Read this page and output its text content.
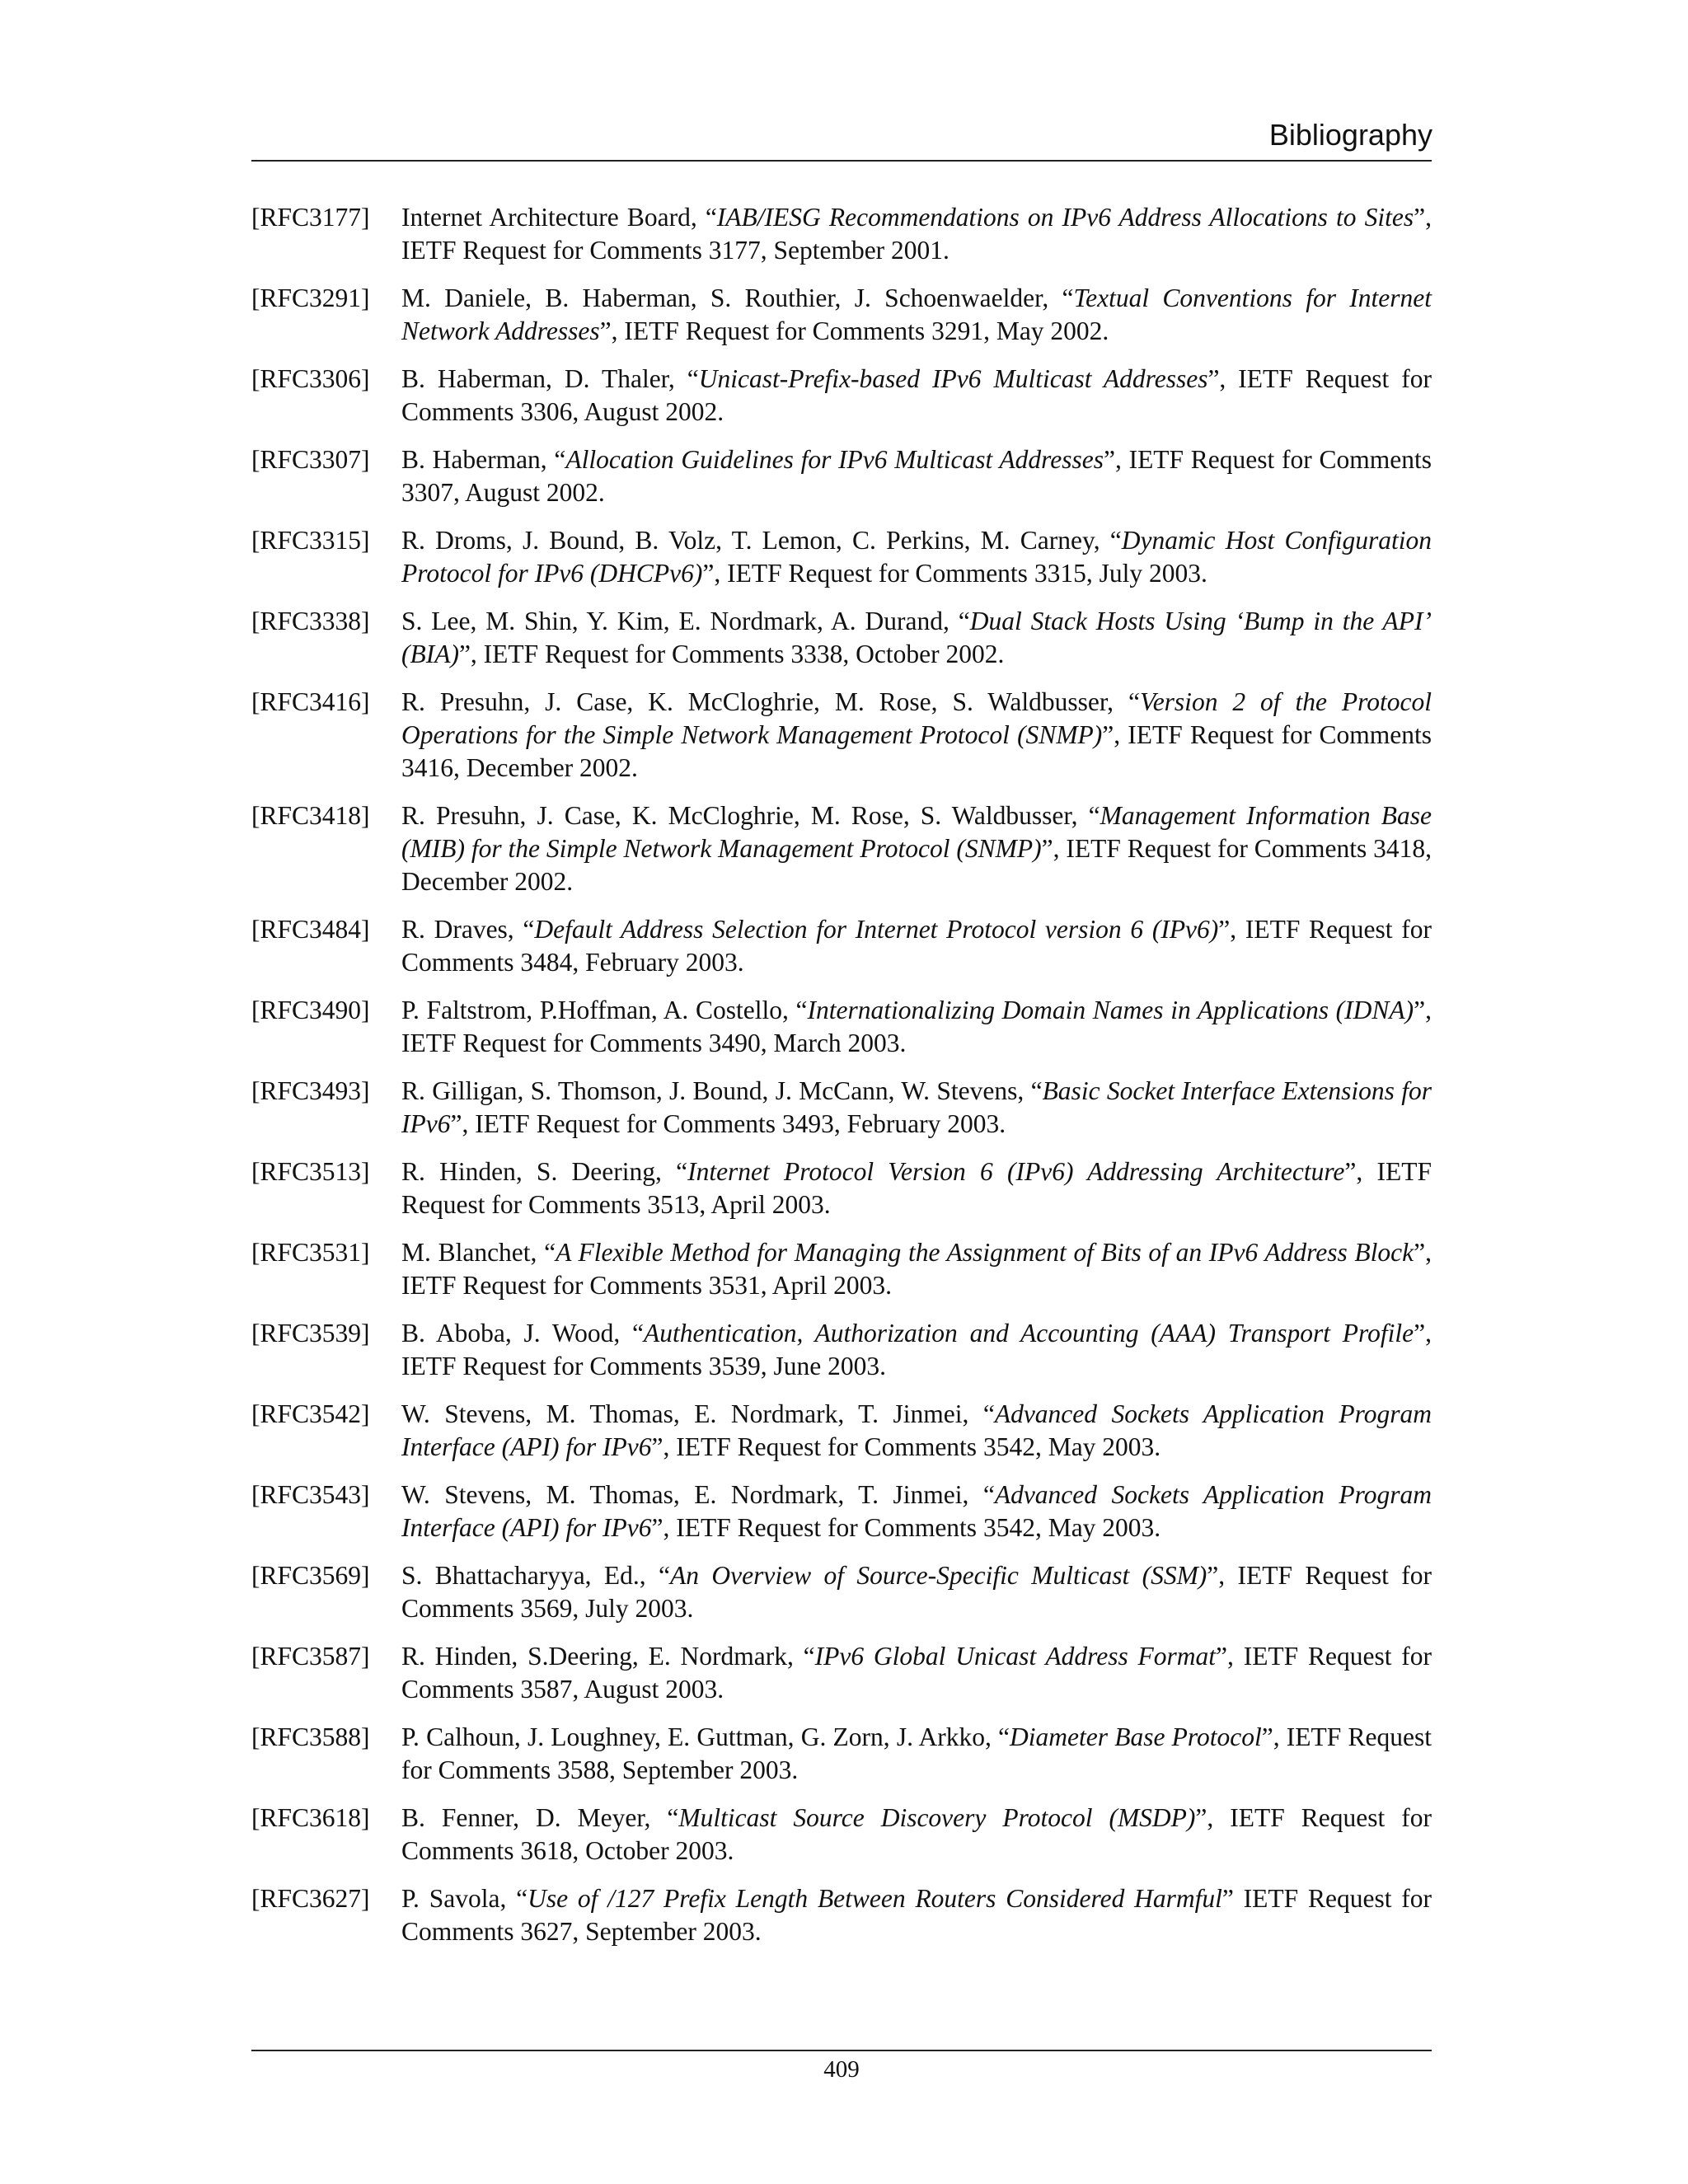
Bibliography
[RFC3177] Internet Architecture Board, “IAB/IESG Recommendations on IPv6 Address Allocations to Sites”, IETF Request for Comments 3177, September 2001.
[RFC3291] M. Daniele, B. Haberman, S. Routhier, J. Schoenwaelder, “Textual Conventions for Internet Network Addresses”, IETF Request for Comments 3291, May 2002.
[RFC3306] B. Haberman, D. Thaler, “Unicast-Prefix-based IPv6 Multicast Addresses”, IETF Request for Comments 3306, August 2002.
[RFC3307] B. Haberman, “Allocation Guidelines for IPv6 Multicast Addresses”, IETF Request for Comments 3307, August 2002.
[RFC3315] R. Droms, J. Bound, B. Volz, T. Lemon, C. Perkins, M. Carney, “Dynamic Host Configuration Protocol for IPv6 (DHCPv6)”, IETF Request for Comments 3315, July 2003.
[RFC3338] S. Lee, M. Shin, Y. Kim, E. Nordmark, A. Durand, “Dual Stack Hosts Using ‘Bump in the API’ (BIA)”, IETF Request for Comments 3338, October 2002.
[RFC3416] R. Presuhn, J. Case, K. McCloghrie, M. Rose, S. Waldbusser, “Version 2 of the Protocol Operations for the Simple Network Management Protocol (SNMP)”, IETF Request for Comments 3416, December 2002.
[RFC3418] R. Presuhn, J. Case, K. McCloghrie, M. Rose, S. Waldbusser, “Management Information Base (MIB) for the Simple Network Management Protocol (SNMP)”, IETF Request for Comments 3418, December 2002.
[RFC3484] R. Draves, “Default Address Selection for Internet Protocol version 6 (IPv6)”, IETF Request for Comments 3484, February 2003.
[RFC3490] P. Faltstrom, P.Hoffman, A. Costello, “Internationalizing Domain Names in Applications (IDNA)”, IETF Request for Comments 3490, March 2003.
[RFC3493] R. Gilligan, S. Thomson, J. Bound, J. McCann, W. Stevens, “Basic Socket Interface Extensions for IPv6”, IETF Request for Comments 3493, February 2003.
[RFC3513] R. Hinden, S. Deering, “Internet Protocol Version 6 (IPv6) Addressing Architecture”, IETF Request for Comments 3513, April 2003.
[RFC3531] M. Blanchet, “A Flexible Method for Managing the Assignment of Bits of an IPv6 Address Block”, IETF Request for Comments 3531, April 2003.
[RFC3539] B. Aboba, J. Wood, “Authentication, Authorization and Accounting (AAA) Transport Profile”, IETF Request for Comments 3539, June 2003.
[RFC3542] W. Stevens, M. Thomas, E. Nordmark, T. Jinmei, “Advanced Sockets Application Program Interface (API) for IPv6”, IETF Request for Comments 3542, May 2003.
[RFC3543] W. Stevens, M. Thomas, E. Nordmark, T. Jinmei, “Advanced Sockets Application Program Interface (API) for IPv6”, IETF Request for Comments 3542, May 2003.
[RFC3569] S. Bhattacharyya, Ed., “An Overview of Source-Specific Multicast (SSM)”, IETF Request for Comments 3569, July 2003.
[RFC3587] R. Hinden, S.Deering, E. Nordmark, “IPv6 Global Unicast Address Format”, IETF Request for Comments 3587, August 2003.
[RFC3588] P. Calhoun, J. Loughney, E. Guttman, G. Zorn, J. Arkko, “Diameter Base Protocol”, IETF Request for Comments 3588, September 2003.
[RFC3618] B. Fenner, D. Meyer, “Multicast Source Discovery Protocol (MSDP)”, IETF Request for Comments 3618, October 2003.
[RFC3627] P. Savola, “Use of /127 Prefix Length Between Routers Considered Harmful” IETF Request for Comments 3627, September 2003.
409
